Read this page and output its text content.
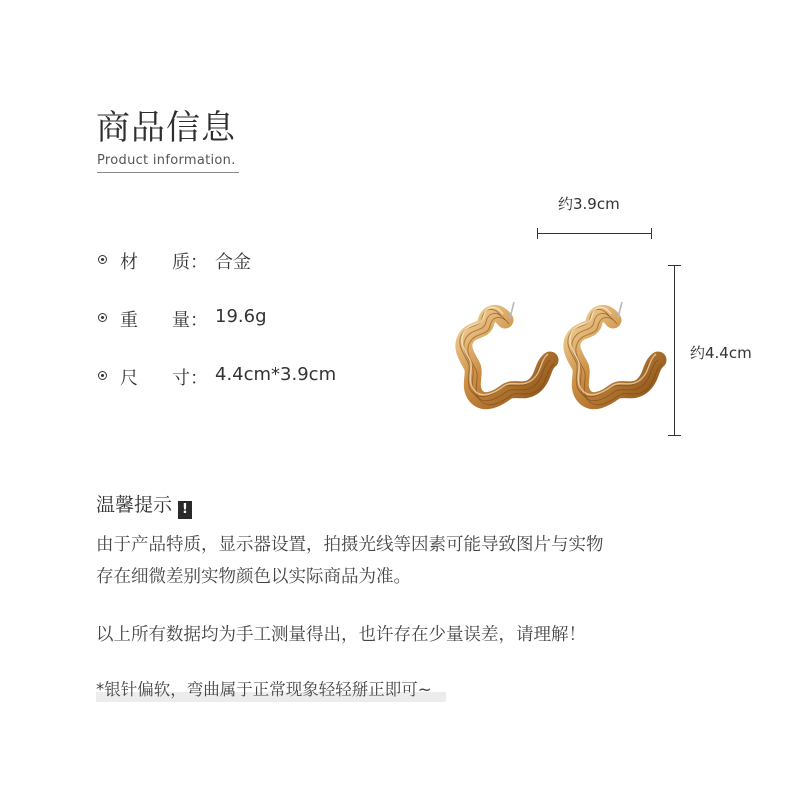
商品信息
Product information.
材 质： 合金
重 量： 19.6g
尺 寸： 4.4cm*3.9cm
约3.9cm
约4.4cm
温馨提示 !
由于产品特质，显示器设置，拍摄光线等因素可能导致图片与实物
存在细微差别实物颜色以实际商品为准。
以上所有数据均为手工测量得出，也许存在少量误差，请理解！
*银针偏软，弯曲属于正常现象轻轻掰正即可~
